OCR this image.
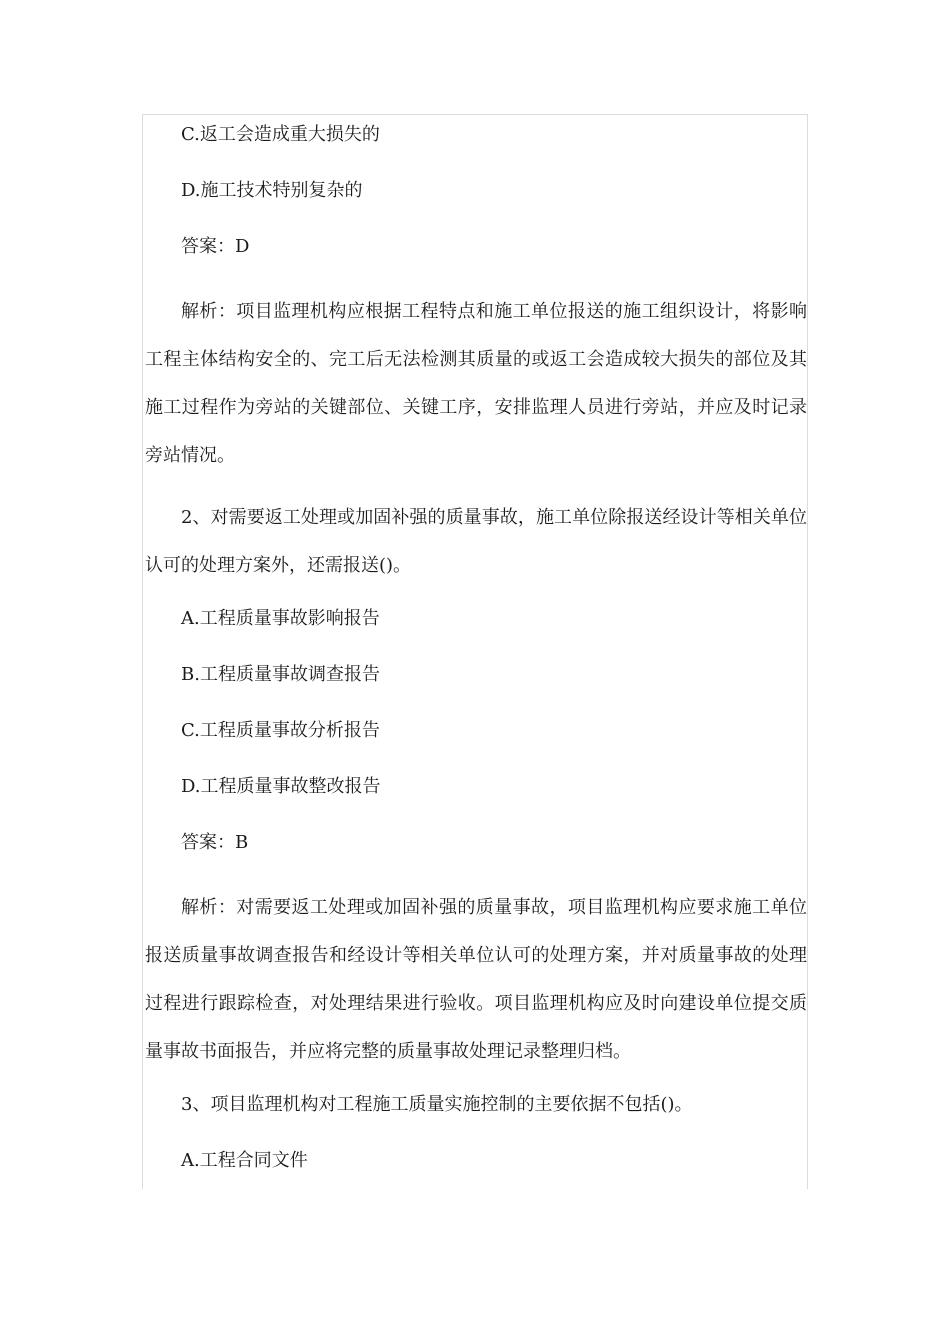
C.返工会造成重大损失的

D.施工技术特别复杂的

答案：D

解析：项目监理机构应根据工程特点和施工单位报送的施工组织设计，将影响工程主体结构安全的、完工后无法检测其质量的或返工会造成较大损失的部位及其施工过程作为旁站的关键部位、关键工序，安排监理人员进行旁站，并应及时记录旁站情况。

2、对需要返工处理或加固补强的质量事故，施工单位除报送经设计等相关单位认可的处理方案外，还需报送()。

A.工程质量事故影响报告

B.工程质量事故调查报告

C.工程质量事故分析报告

D.工程质量事故整改报告

答案：B

解析：对需要返工处理或加固补强的质量事故，项目监理机构应要求施工单位报送质量事故调查报告和经设计等相关单位认可的处理方案，并对质量事故的处理过程进行跟踪检查，对处理结果进行验收。项目监理机构应及时向建设单位提交质量事故书面报告，并应将完整的质量事故处理记录整理归档。

3、项目监理机构对工程施工质量实施控制的主要依据不包括()。

A.工程合同文件
